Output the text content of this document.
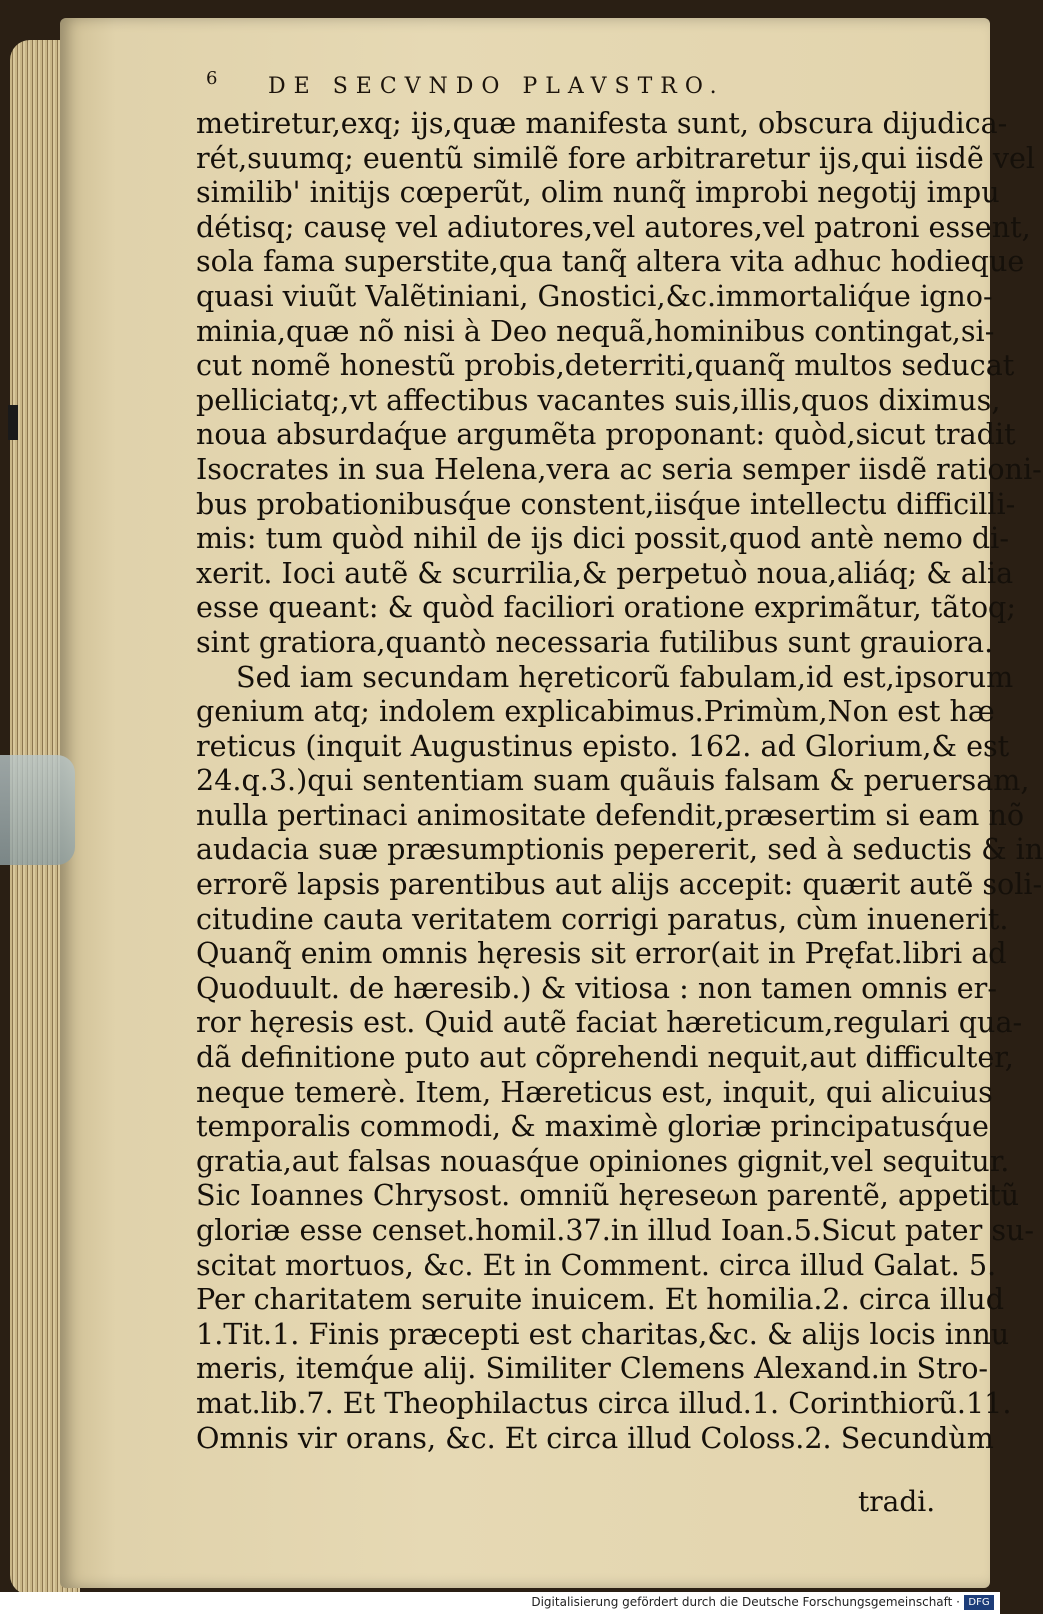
6 DE SECVNDO PLAVSTRO.
metiretur,exq; ijs,quæ manifesta sunt, obscura dijudica-
rét,suumq; euentũ similẽ fore arbitraretur ijs,qui iisdẽ vel
similib' initijs cœperũt, olim nunq̃ improbi negotij impu
détisq; causę vel adiutores,vel autores,vel patroni essent,
sola fama superstite,qua tanq̃ altera vita adhuc hodieque
quasi viuũt Valẽtiniani, Gnostici,&c.immortaliq́ue igno-
minia,quæ nõ nisi à Deo nequã,hominibus contingat,si-
cut nomẽ honestũ probis,deterriti,quanq̃ multos seducat
pelliciatq;,vt affectibus vacantes suis,illis,quos diximus,
noua absurdaq́ue argumẽta proponant: quòd,sicut tradit
Isocrates in sua Helena,vera ac seria semper iisdẽ rationi-
bus probationibusq́ue constent,iisq́ue intellectu difficilli-
mis: tum quòd nihil de ijs dici possit,quod antè nemo di-
xerit. Ioci autẽ & scurrilia,& perpetuò noua,aliáq; & alia
esse queant: & quòd faciliori oratione exprimãtur, tãtoq;
sint gratiora,quantò necessaria futilibus sunt grauiora.
Sed iam secundam hęreticorũ fabulam,id est,ipsorum
genium atq; indolem explicabimus.Primùm,Non est hæ
reticus (inquit Augustinus episto. 162. ad Glorium,& est
24.q.3.)qui sententiam suam quãuis falsam & peruersam,
nulla pertinaci animositate defendit,præsertim si eam nõ
audacia suæ præsumptionis pepererit, sed à seductis & in
errorẽ lapsis parentibus aut alijs accepit: quærit autẽ soli-
citudine cauta veritatem corrigi paratus, cùm inuenerit.
Quanq̃ enim omnis hęresis sit error(ait in Pręfat.libri ad
Quoduult. de hæresib.) & vitiosa : non tamen omnis er-
ror hęresis est. Quid autẽ faciat hæreticum,regulari qua-
dã definitione puto aut cõprehendi nequit,aut difficulter,
neque temerè. Item, Hæreticus est, inquit, qui alicuius
temporalis commodi, & maximè gloriæ principatusq́ue
gratia,aut falsas nouasq́ue opiniones gignit,vel sequitur.
Sic Ioannes Chrysost. omniũ hęreseωn parentẽ, appetitũ
gloriæ esse censet.homil.37.in illud Ioan.5.Sicut pater su-
scitat mortuos, &c. Et in Comment. circa illud Galat. 5.
Per charitatem seruite inuicem. Et homilia.2. circa illud
1.Tit.1. Finis præcepti est charitas,&c. & alijs locis innu
meris, itemq́ue alij. Similiter Clemens Alexand.in Stro-
mat.lib.7. Et Theophilactus circa illud.1. Corinthiorũ.11.
Omnis vir orans, &c. Et circa illud Coloss.2. Secundùm
tradi.
Digitalisierung gefördert durch die Deutsche Forschungsgemeinschaft · DFG
